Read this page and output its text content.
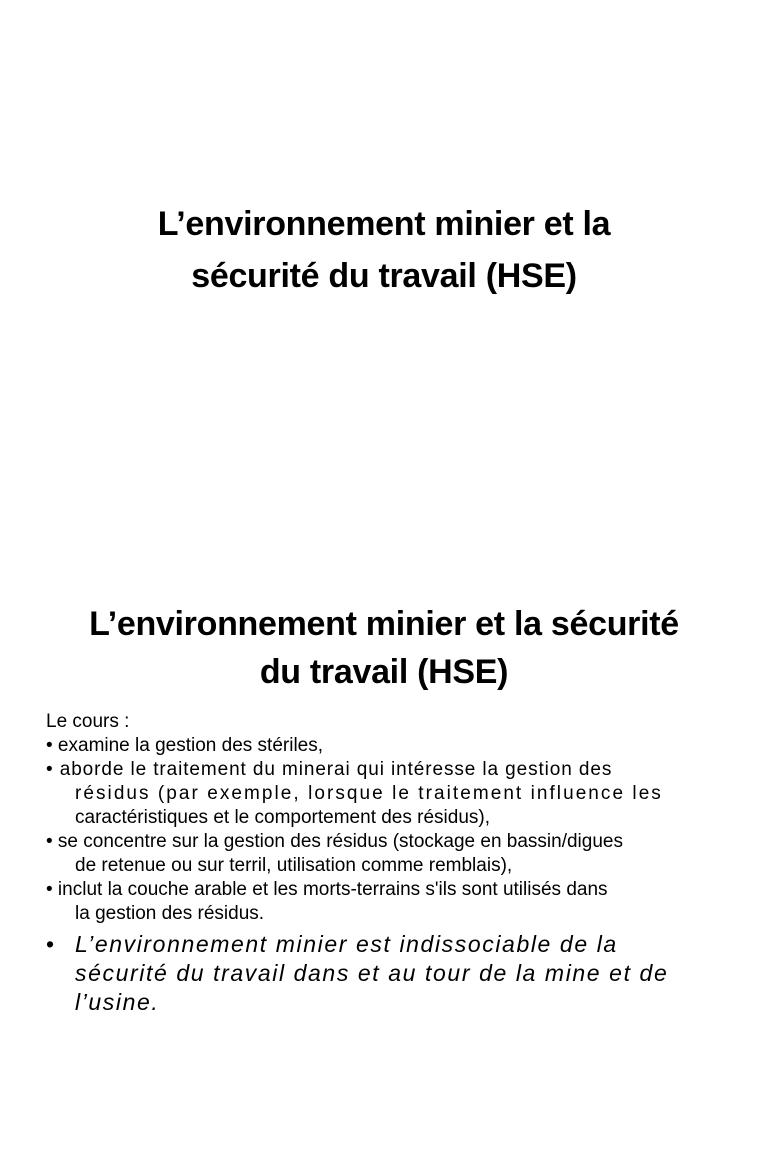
L’environnement minier et la
sécurité du travail (HSE)
L’environnement minier et la sécurité
du travail (HSE)
Le cours :
• examine la gestion des stériles,
• aborde le traitement du minerai qui intéresse la gestion des
résidus (par exemple, lorsque le traitement influence les
caractéristiques et le comportement des résidus),
• se concentre sur la gestion des résidus (stockage en bassin/digues
de retenue ou sur terril, utilisation comme remblais),
• inclut la couche arable et les morts-terrains s'ils sont utilisés dans
la gestion des résidus.
• L’environnement minier est indissociable de la
sécurité du travail dans et au tour de la mine et de
l’usine.
